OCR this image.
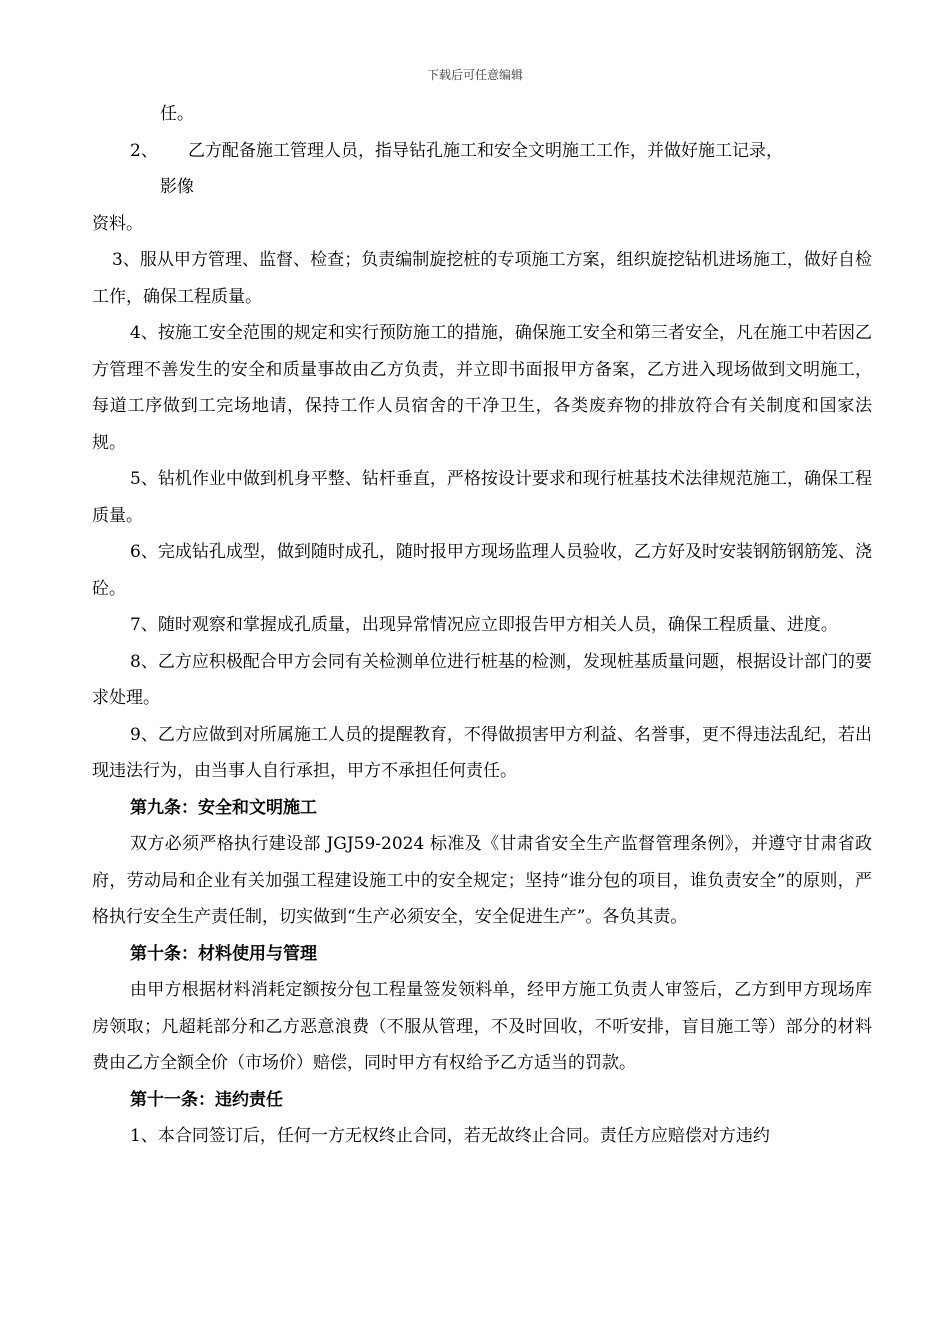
下载后可任意编辑

任。

2、 乙方配备施工管理人员，指导钻孔施工和安全文明施工工作，并做好施工记录，

影像

资料。

3、服从甲方管理、监督、检查；负责编制旋挖桩的专项施工方案，组织旋挖钻机进场施工，做好自检工作，确保工程质量。

4、按施工安全范围的规定和实行预防施工的措施，确保施工安全和第三者安全，凡在施工中若因乙方管理不善发生的安全和质量事故由乙方负责，并立即书面报甲方备案，乙方进入现场做到文明施工，每道工序做到工完场地请，保持工作人员宿舍的干净卫生，各类废弃物的排放符合有关制度和国家法规。

5、钻机作业中做到机身平整、钻杆垂直，严格按设计要求和现行桩基技术法律规范施工，确保工程质量。

6、完成钻孔成型，做到随时成孔，随时报甲方现场监理人员验收，乙方好及时安装钢筋钢筋笼、浇砼。

7、随时观察和掌握成孔质量，出现异常情况应立即报告甲方相关人员，确保工程质量、进度。

8、乙方应积极配合甲方会同有关检测单位进行桩基的检测，发现桩基质量问题，根据设计部门的要求处理。

9、乙方应做到对所属施工人员的提醒教育，不得做损害甲方利益、名誉事，更不得违法乱纪，若出现违法行为，由当事人自行承担，甲方不承担任何责任。

第九条：安全和文明施工

双方必须严格执行建设部 JGJ59-2024 标准及《甘肃省安全生产监督管理条例》，并遵守甘肃省政府，劳动局和企业有关加强工程建设施工中的安全规定；坚持“谁分包的项目，谁负责安全”的原则，严格执行安全生产责任制，切实做到“生产必须安全，安全促进生产”。各负其责。

第十条：材料使用与管理

由甲方根据材料消耗定额按分包工程量签发领料单，经甲方施工负责人审签后，乙方到甲方现场库房领取；凡超耗部分和乙方恶意浪费（不服从管理，不及时回收，不听安排，盲目施工等）部分的材料费由乙方全额全价（市场价）赔偿，同时甲方有权给予乙方适当的罚款。

第十一条：违约责任

1、本合同签订后，任何一方无权终止合同，若无故终止合同。责任方应赔偿对方违约
